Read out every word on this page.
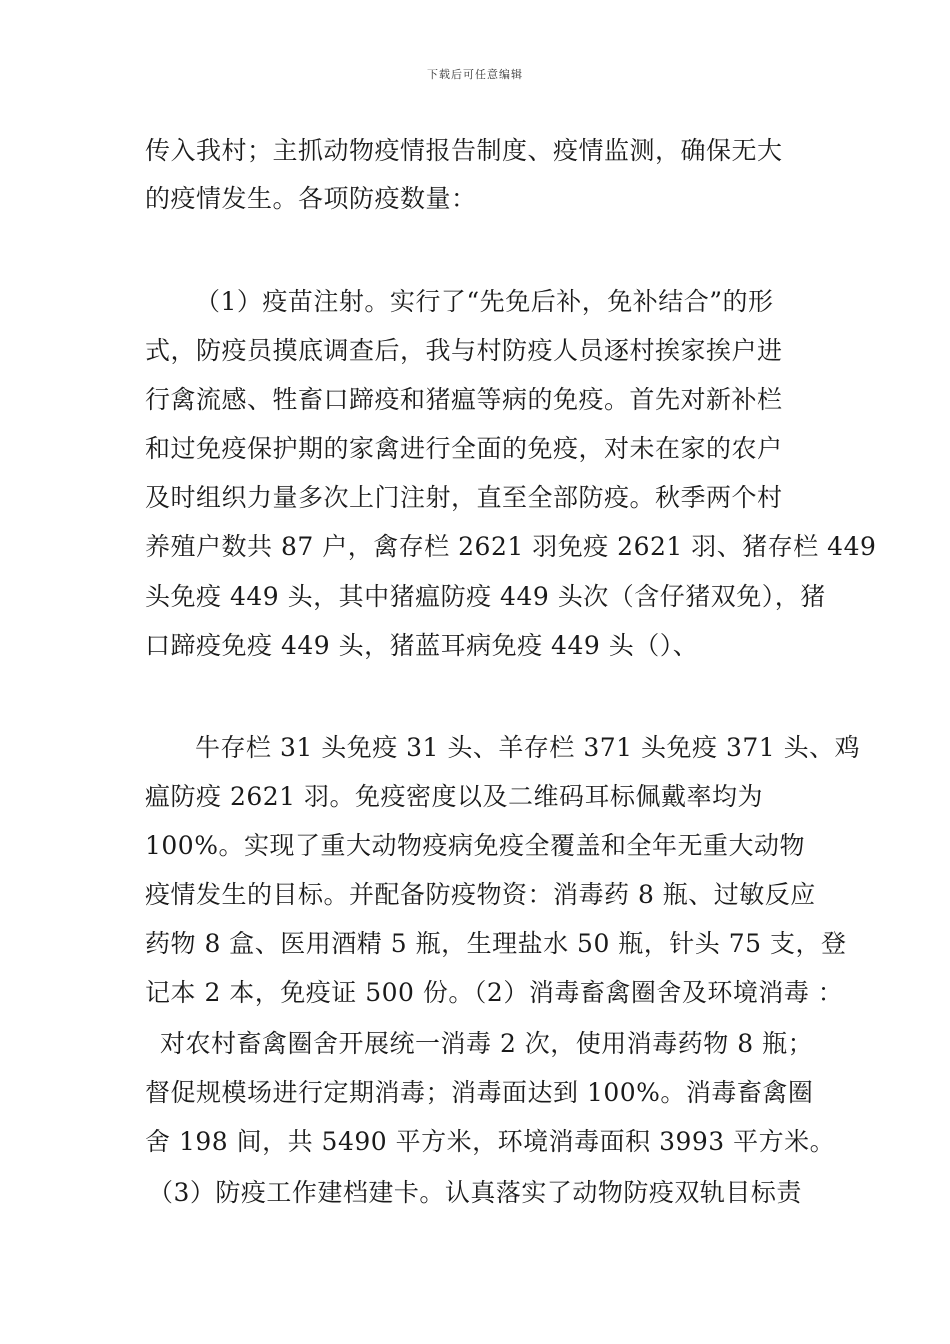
下载后可任意编辑
传入我村；主抓动物疫情报告制度、疫情监测，确保无大
的疫情发生。各项防疫数量：
（1）疫苗注射。实行了“先免后补，免补结合”的形
式，防疫员摸底调查后，我与村防疫人员逐村挨家挨户进
行禽流感、牲畜口蹄疫和猪瘟等病的免疫。首先对新补栏
和过免疫保护期的家禽进行全面的免疫，对未在家的农户
及时组织力量多次上门注射，直至全部防疫。秋季两个村
养殖户数共 87 户，禽存栏 2621 羽免疫 2621 羽、猪存栏 449
头免疫 449 头，其中猪瘟防疫 449 头次（含仔猪双免），猪
口蹄疫免疫 449 头，猪蓝耳病免疫 449 头（）、
牛存栏 31 头免疫 31 头、羊存栏 371 头免疫 371 头、鸡
瘟防疫 2621 羽。免疫密度以及二维码耳标佩戴率均为
100%。实现了重大动物疫病免疫全覆盖和全年无重大动物
疫情发生的目标。并配备防疫物资：消毒药 8 瓶、过敏反应
药物 8 盒、医用酒精 5 瓶，生理盐水 50 瓶，针头 75 支，登
记本 2 本，免疫证 500 份。（2）消毒畜禽圈舍及环境消毒 ：
对农村畜禽圈舍开展统一消毒 2 次，使用消毒药物 8 瓶；
督促规模场进行定期消毒；消毒面达到 100%。消毒畜禽圈
舍 198 间，共 5490 平方米，环境消毒面积 3993 平方米。
（3）防疫工作建档建卡。认真落实了动物防疫双轨目标责
